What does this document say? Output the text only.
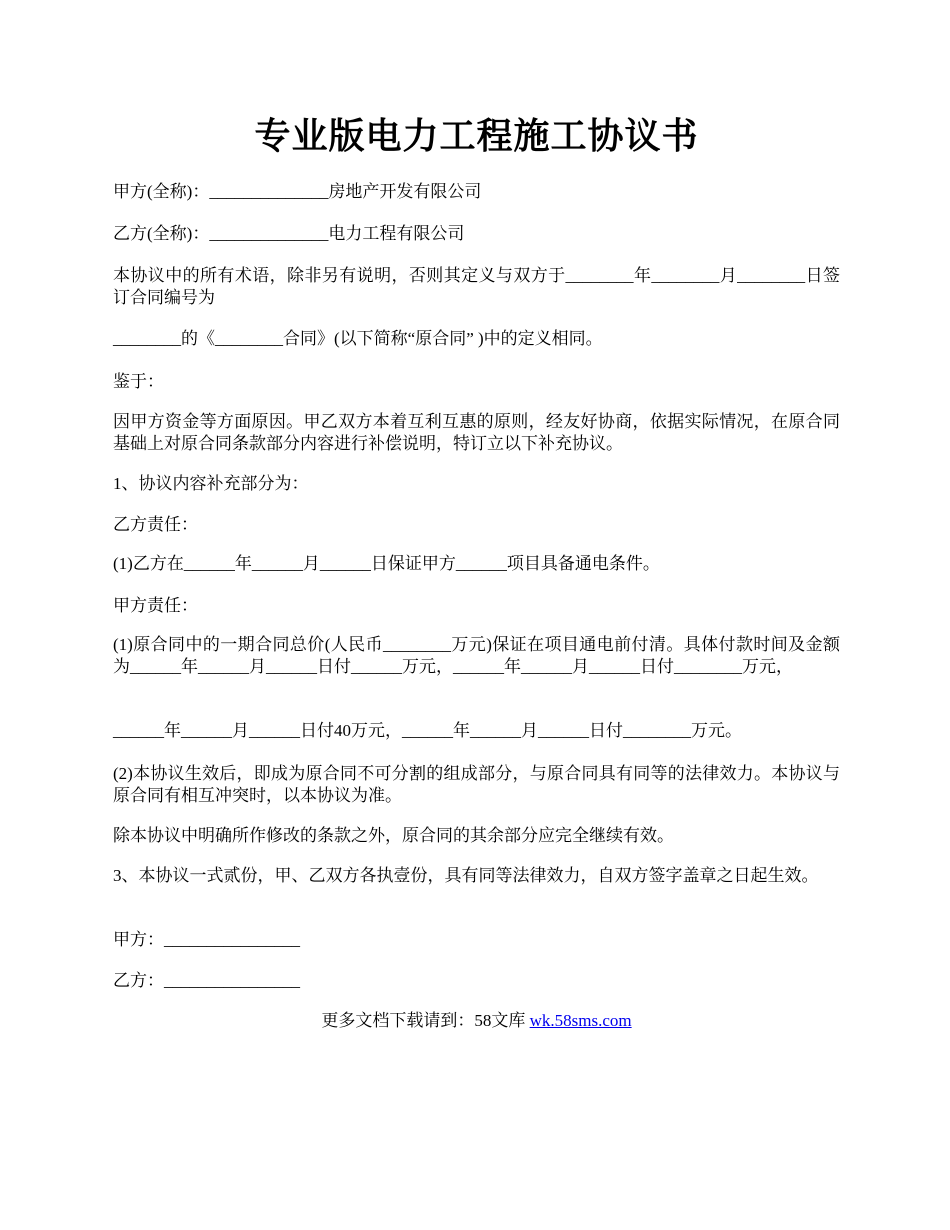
专业版电力工程施工协议书

甲方(全称)：______________房地产开发有限公司

乙方(全称)：______________电力工程有限公司

本协议中的所有术语，除非另有说明，否则其定义与双方于________年________月________日签订合同编号为

________的《________合同》(以下简称“原合同” )中的定义相同。

鉴于：

因甲方资金等方面原因。甲乙双方本着互利互惠的原则，经友好协商，依据实际情况，在原合同基础上对原合同条款部分内容进行补偿说明，特订立以下补充协议。

1、协议内容补充部分为：

乙方责任：

(1)乙方在______年______月______日保证甲方______项目具备通电条件。

甲方责任：

(1)原合同中的一期合同总价(人民币________万元)保证在项目通电前付清。具体付款时间及金额为______年______月______日付______万元，______年______月______日付________万元，

______年______月______日付40万元，______年______月______日付________万元。

(2)本协议生效后，即成为原合同不可分割的组成部分，与原合同具有同等的法律效力。本协议与原合同有相互冲突时，以本协议为准。

除本协议中明确所作修改的条款之外，原合同的其余部分应完全继续有效。

3、本协议一式贰份，甲、乙双方各执壹份，具有同等法律效力，自双方签字盖章之日起生效。

甲方：________________

乙方：________________

更多文档下载请到：58文库 wk.58sms.com
